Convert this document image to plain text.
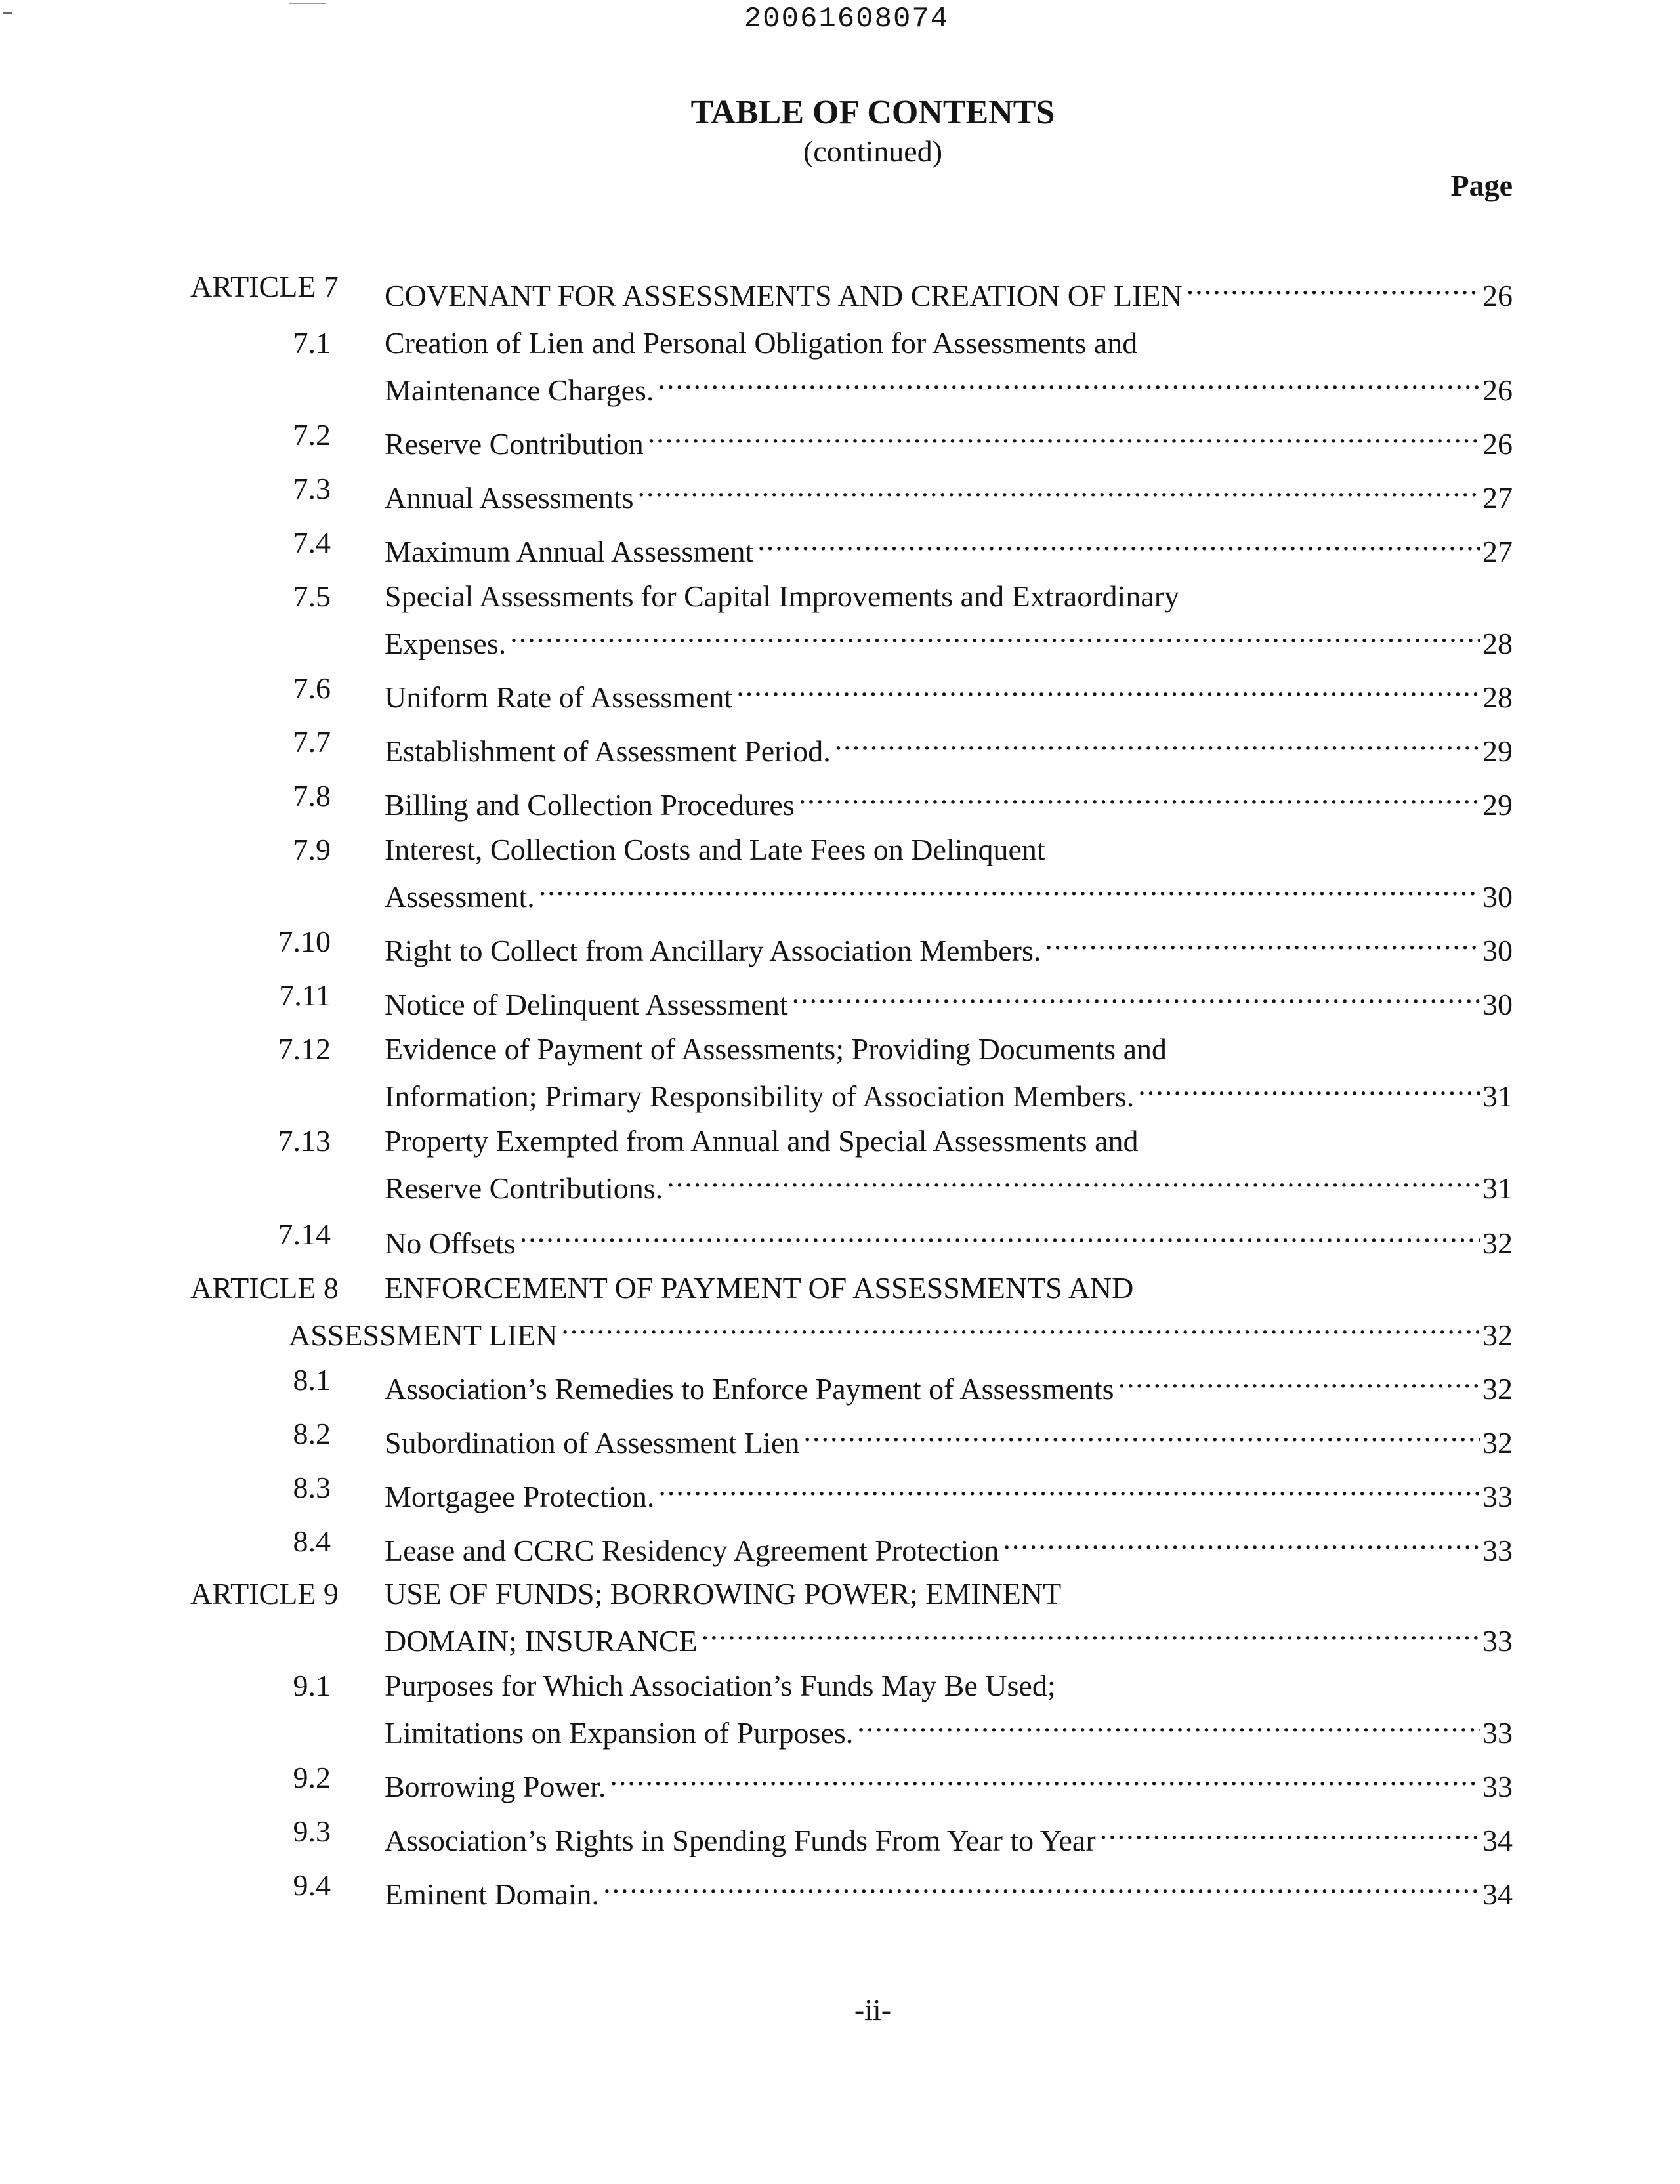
20061608074
TABLE OF CONTENTS
(continued)
Page
ARTICLE 7	COVENANT FOR ASSESSMENTS AND CREATION OF LIEN .....	26
7.1 Creation of Lien and Personal Obligation for Assessments and
Maintenance Charges. .....	26
7.2 Reserve Contribution .....	26
7.3 Annual Assessments .....	27
7.4 Maximum Annual Assessment .....	27
7.5 Special Assessments for Capital Improvements and Extraordinary
Expenses. .....	28
7.6 Uniform Rate of Assessment .....	28
7.7 Establishment of Assessment Period. .....	29
7.8 Billing and Collection Procedures .....	29
7.9 Interest, Collection Costs and Late Fees on Delinquent
Assessment. .....	30
7.10 Right to Collect from Ancillary Association Members. .....	30
7.11 Notice of Delinquent Assessment .....	30
7.12 Evidence of Payment of Assessments; Providing Documents and
Information; Primary Responsibility of Association Members. .....	31
7.13 Property Exempted from Annual and Special Assessments and
Reserve Contributions. .....	31
7.14 No Offsets .....	32
ARTICLE 8	ENFORCEMENT OF PAYMENT OF ASSESSMENTS AND
ASSESSMENT LIEN .....	32
8.1 Association’s Remedies to Enforce Payment of Assessments .....	32
8.2 Subordination of Assessment Lien .....	32
8.3 Mortgagee Protection. .....	33
8.4 Lease and CCRC Residency Agreement Protection .....	33
ARTICLE 9	USE OF FUNDS; BORROWING POWER; EMINENT
DOMAIN; INSURANCE .....	33
9.1 Purposes for Which Association’s Funds May Be Used;
Limitations on Expansion of Purposes. .....	33
9.2 Borrowing Power. .....	33
9.3 Association’s Rights in Spending Funds From Year to Year .....	34
9.4 Eminent Domain. .....	34
-ii-
